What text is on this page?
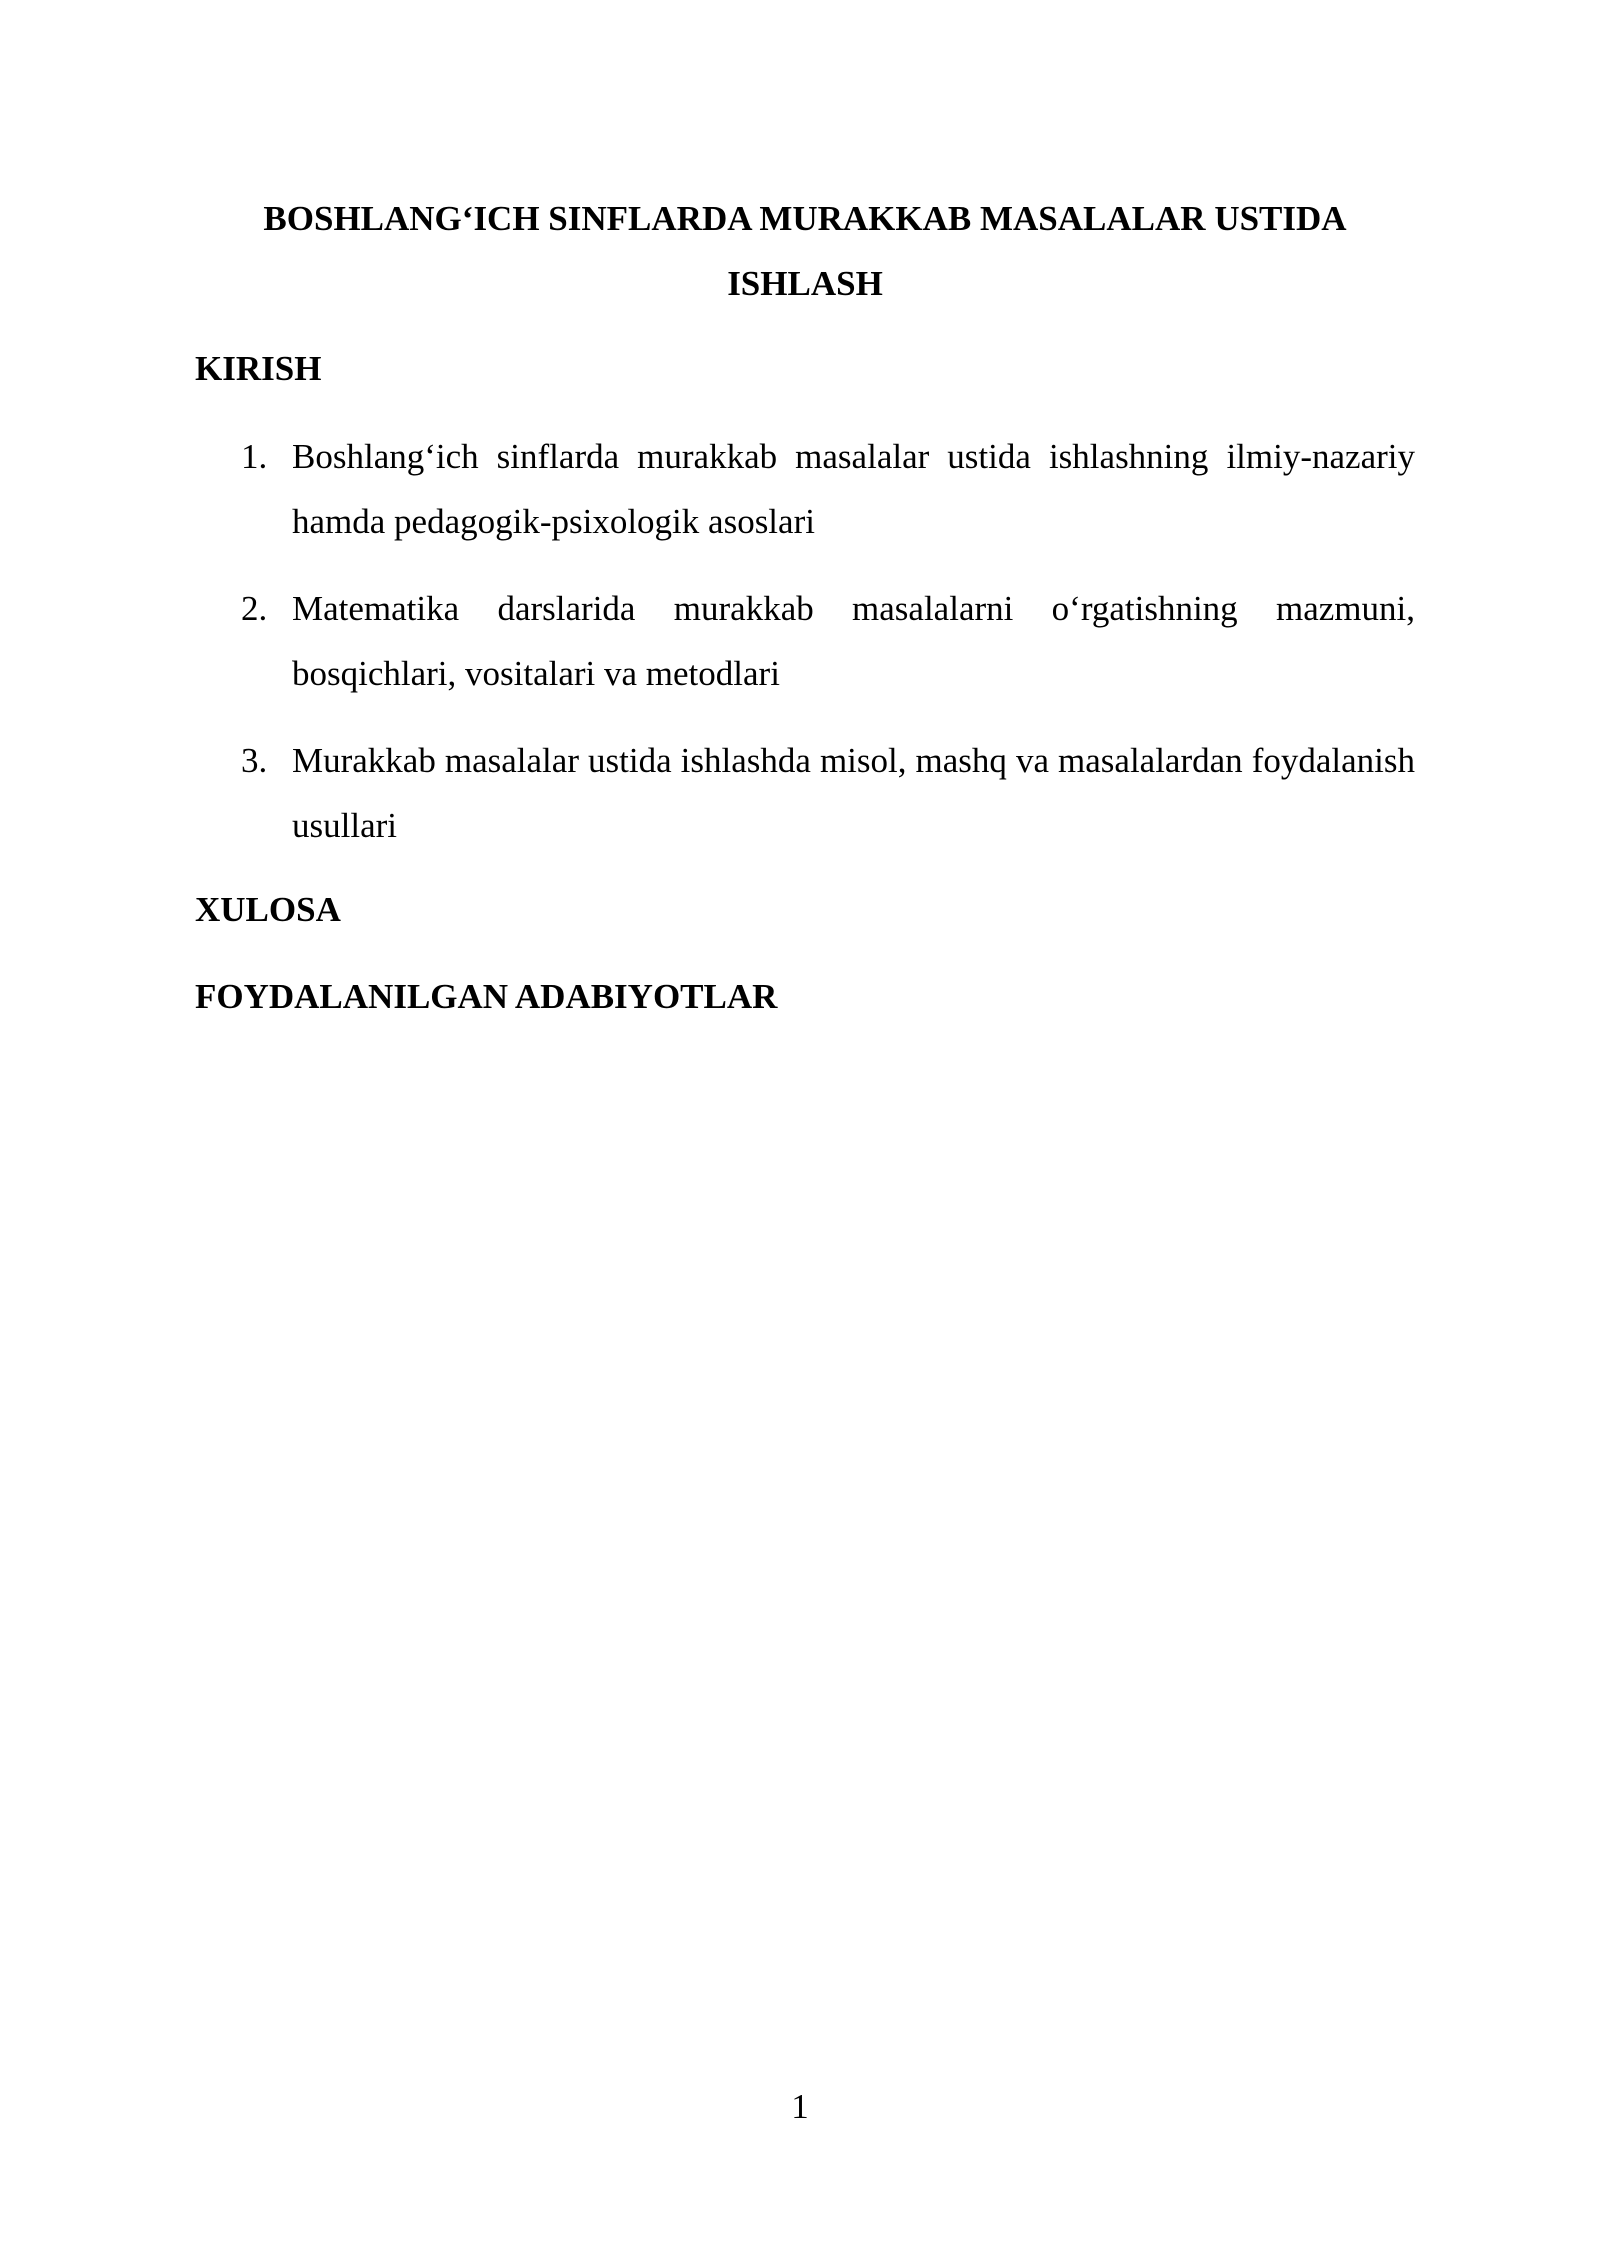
BOSHLANG‘ICH SINFLARDA MURAKKAB MASALALAR USTIDA ISHLASH
KIRISH
1. Boshlang‘ich sinflarda murakkab masalalar ustida ishlashning ilmiy-nazariy hamda pedagogik-psixologik asoslari
2. Matematika darslarida murakkab masalalarni o‘rgatishning mazmuni, bosqichlari, vositalari va metodlari
3. Murakkab masalalar ustida ishlashda misol, mashq va masalalardan foydalanish usullari
XULOSA
FOYDALANILGAN ADABIYOTLAR
1
